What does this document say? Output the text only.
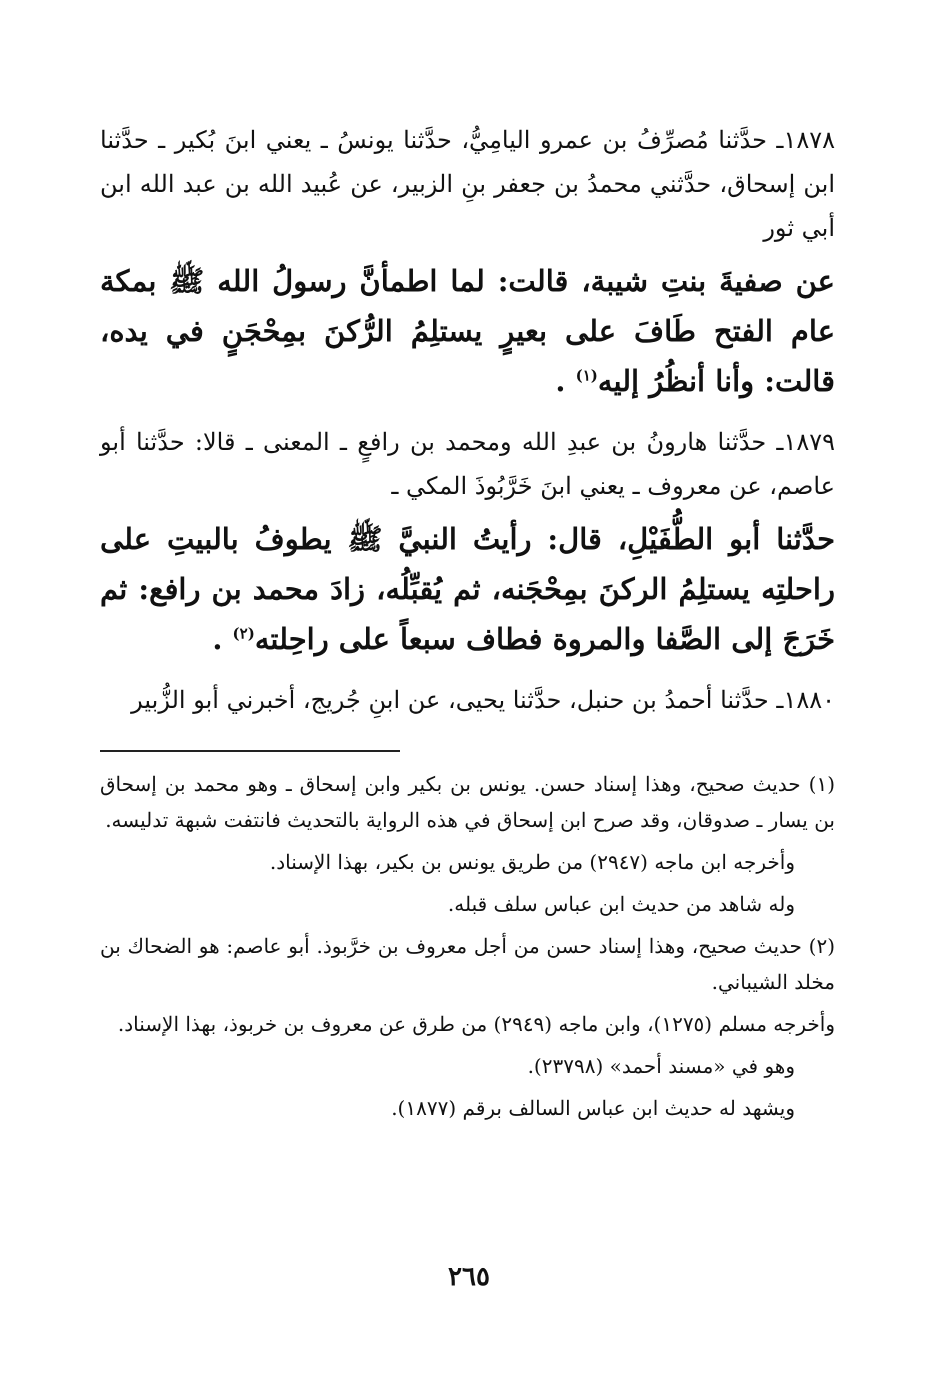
١٨٧٨ـ حدَّثنا مُصرِّفُ بن عمرو اليامِيُّ، حدَّثنا يونسُ ـ يعني ابنَ بُكير ـ حدَّثنا ابن إسحاق، حدَّثني محمدُ بن جعفر بنِ الزبير، عن عُبيد الله بن عبد الله ابن أبي ثور

عن صفيةَ بنتِ شيبة، قالت: لما اطمأنَّ رسولُ الله ﷺ بمكة عام الفتح طَافَ على بعيرٍ يستلِمُ الرُّكنَ بمِحْجَنٍ في يده، قالت: وأنا أنظُرُ إليه$^{(١)}$ .

١٨٧٩ـ حدَّثنا هارونُ بن عبدِ الله ومحمد بن رافعٍ ـ المعنى ـ قالا: حدَّثنا أبو عاصم، عن معروف ـ يعني ابنَ خَرَّبُوذَ المكي ـ

حدَّثنا أبو الطُّفَيْلِ، قال: رأيتُ النبيَّ ﷺ يطوفُ بالبيتِ على راحلتِه يستلِمُ الركنَ بمِحْجَنه، ثم يُقبِّلُه، زادَ محمد بن رافع: ثم خَرَجَ إلى الصَّفا والمروة فطاف سبعاً على راحِلته$^{(٢)}$ .

١٨٨٠ـ حدَّثنا أحمدُ بن حنبل، حدَّثنا يحيى، عن ابنِ جُريج، أخبرني أبو الزُّبير

(١) حديث صحيح، وهذا إسناد حسن. يونس بن بكير وابن إسحاق ـ وهو محمد بن إسحاق بن يسار ـ صدوقان، وقد صرح ابن إسحاق في هذه الرواية بالتحديث فانتفت شبهة تدليسه.

وأخرجه ابن ماجه (٢٩٤٧) من طريق يونس بن بكير، بهذا الإسناد.

وله شاهد من حديث ابن عباس سلف قبله.

(٢) حديث صحيح، وهذا إسناد حسن من أجل معروف بن خرَّبوذ. أبو عاصم: هو الضحاك بن مخلد الشيباني.

وأخرجه مسلم (١٢٧٥)، وابن ماجه (٢٩٤٩) من طرق عن معروف بن خربوذ، بهذا الإسناد.

وهو في «مسند أحمد» (٢٣٧٩٨).

ويشهد له حديث ابن عباس السالف برقم (١٨٧٧).

٢٦٥
